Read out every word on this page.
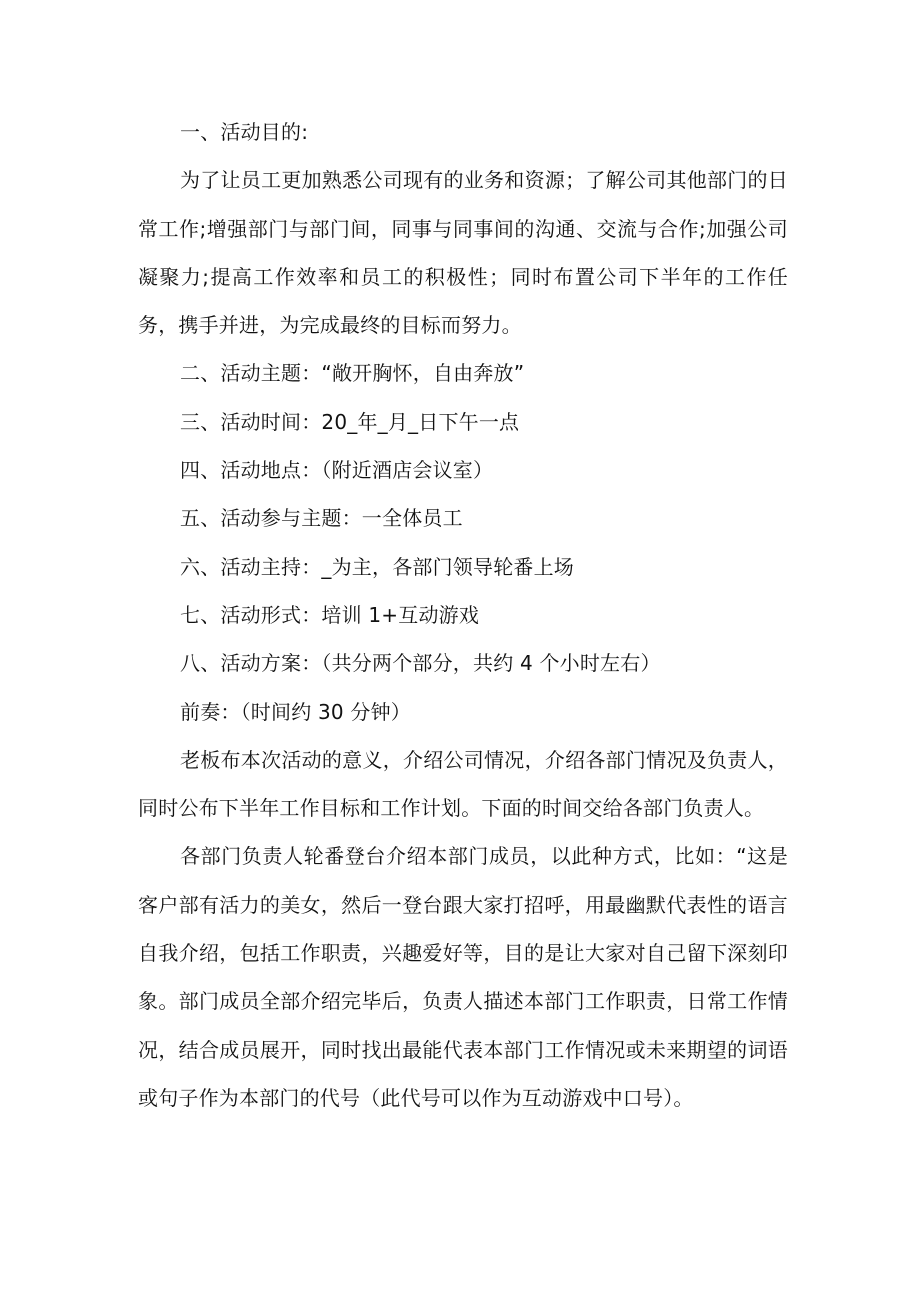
一、活动目的:

为了让员工更加熟悉公司现有的业务和资源；了解公司其他部门的日常工作;增强部门与部门间，同事与同事间的沟通、交流与合作;加强公司凝聚力;提高工作效率和员工的积极性；同时布置公司下半年的工作任务，携手并进，为完成最终的目标而努力。

二、活动主题：“敞开胸怀，自由奔放”

三、活动时间：20_年_月_日下午一点

四、活动地点：（附近酒店会议室）

五、活动参与主题：一全体员工

六、活动主持：_为主，各部门领导轮番上场

七、活动形式：培训 1+互动游戏

八、活动方案：（共分两个部分，共约 4 个小时左右）

前奏：（时间约 30 分钟）

老板布本次活动的意义，介绍公司情况，介绍各部门情况及负责人，同时公布下半年工作目标和工作计划。下面的时间交给各部门负责人。

各部门负责人轮番登台介绍本部门成员，以此种方式，比如：“这是客户部有活力的美女，然后一登台跟大家打招呼，用最幽默代表性的语言自我介绍，包括工作职责，兴趣爱好等，目的是让大家对自己留下深刻印象。部门成员全部介绍完毕后，负责人描述本部门工作职责，日常工作情况，结合成员展开，同时找出最能代表本部门工作情况或未来期望的词语或句子作为本部门的代号（此代号可以作为互动游戏中口号）。
